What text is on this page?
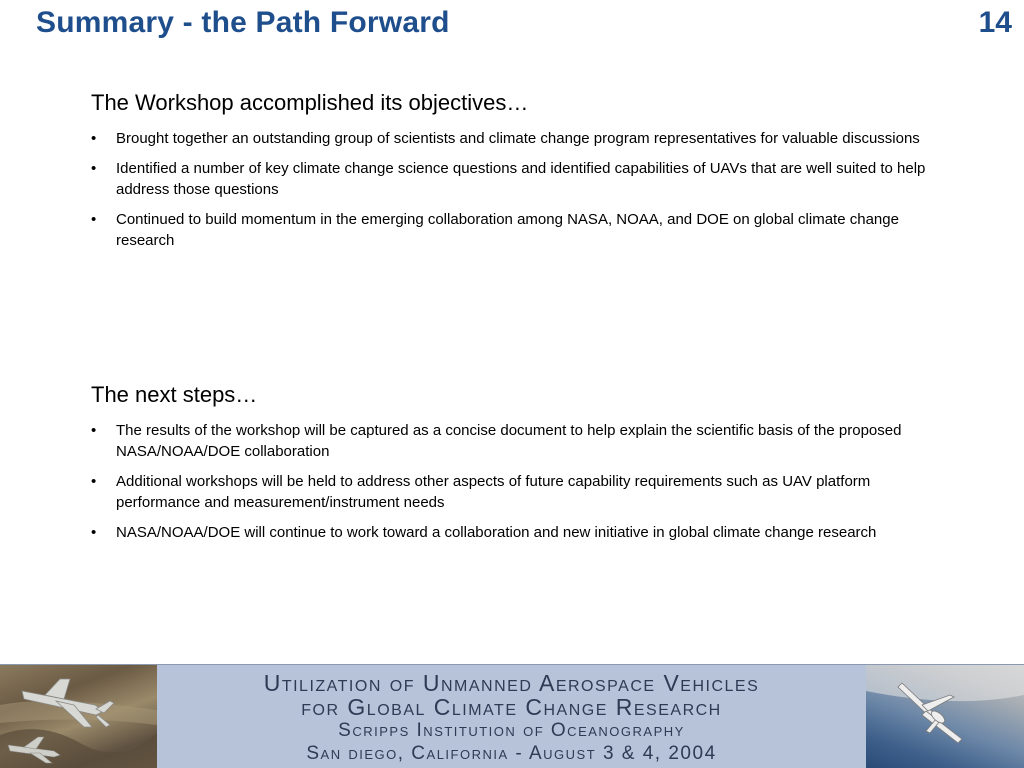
Summary - the Path Forward	14
The Workshop accomplished its objectives…
• Brought together an outstanding group of scientists and climate change program representatives for valuable discussions
• Identified a number of key climate change science questions and identified capabilities of UAVs that are well suited to help address those questions
• Continued to build momentum in the emerging collaboration among NASA, NOAA, and DOE on global climate change research
The next steps…
• The results of the workshop will be captured as a concise document to help explain the scientific basis of the proposed NASA/NOAA/DOE collaboration
• Additional workshops will be held to address other aspects of future capability requirements such as UAV platform performance and measurement/instrument needs
• NASA/NOAA/DOE will continue to work toward a collaboration and new initiative in global climate change research
Utilization of Unmanned Aerospace Vehicles
for Global Climate Change Research
Scripps Institution of Oceanography
San diego, California - August 3 & 4, 2004
